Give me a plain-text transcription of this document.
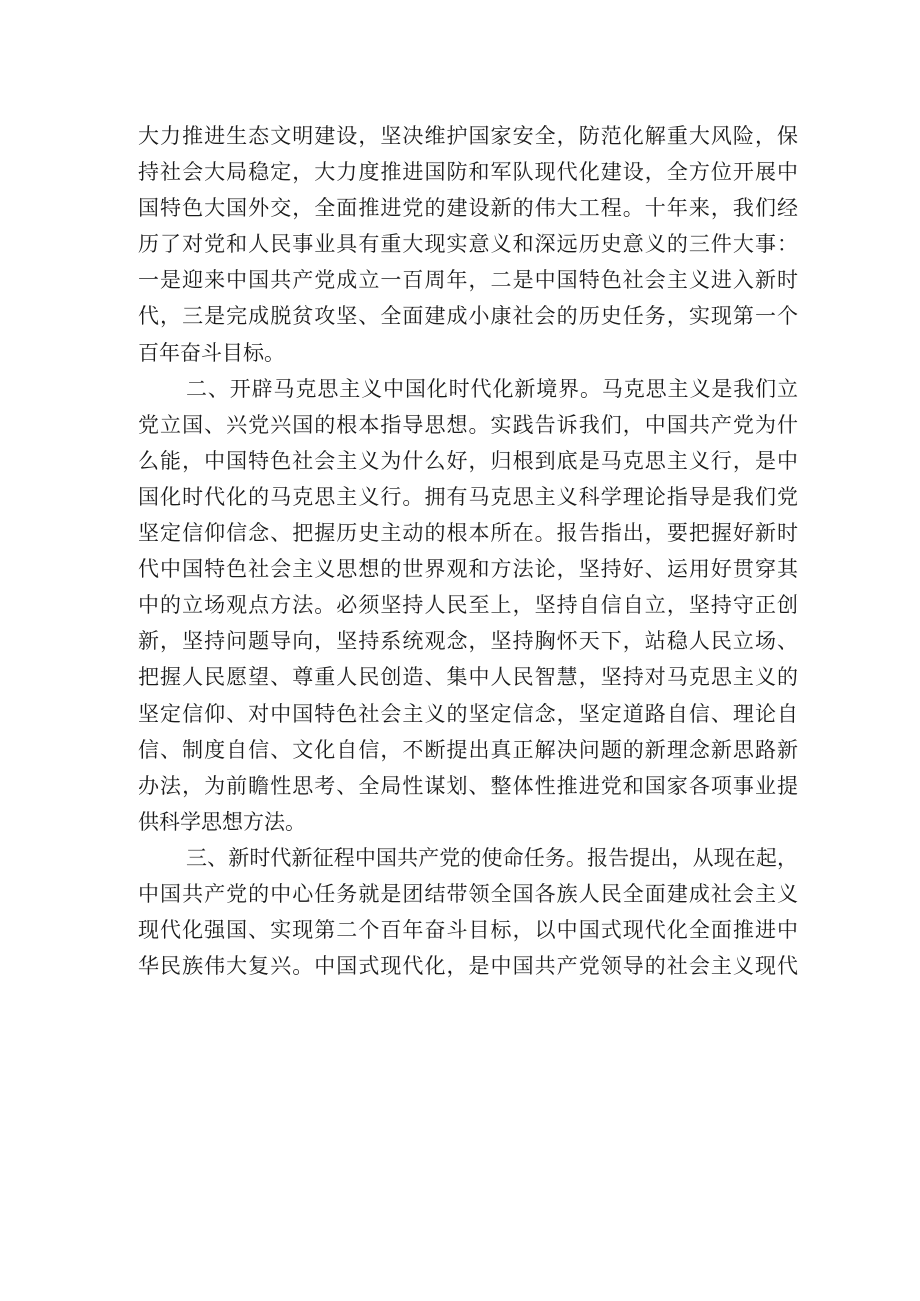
大力推进生态文明建设，坚决维护国家安全，防范化解重大风险，保
持社会大局稳定，大力度推进国防和军队现代化建设，全方位开展中
国特色大国外交，全面推进党的建设新的伟大工程。十年来，我们经
历了对党和人民事业具有重大现实意义和深远历史意义的三件大事：
一是迎来中国共产党成立一百周年，二是中国特色社会主义进入新时
代，三是完成脱贫攻坚、全面建成小康社会的历史任务，实现第一个
百年奋斗目标。
二、开辟马克思主义中国化时代化新境界。马克思主义是我们立
党立国、兴党兴国的根本指导思想。实践告诉我们，中国共产党为什
么能，中国特色社会主义为什么好，归根到底是马克思主义行，是中
国化时代化的马克思主义行。拥有马克思主义科学理论指导是我们党
坚定信仰信念、把握历史主动的根本所在。报告指出，要把握好新时
代中国特色社会主义思想的世界观和方法论，坚持好、运用好贯穿其
中的立场观点方法。必须坚持人民至上，坚持自信自立，坚持守正创
新，坚持问题导向，坚持系统观念，坚持胸怀天下，站稳人民立场、
把握人民愿望、尊重人民创造、集中人民智慧，坚持对马克思主义的
坚定信仰、对中国特色社会主义的坚定信念，坚定道路自信、理论自
信、制度自信、文化自信，不断提出真正解决问题的新理念新思路新
办法，为前瞻性思考、全局性谋划、整体性推进党和国家各项事业提
供科学思想方法。
三、新时代新征程中国共产党的使命任务。报告提出，从现在起，
中国共产党的中心任务就是团结带领全国各族人民全面建成社会主义
现代化强国、实现第二个百年奋斗目标，以中国式现代化全面推进中
华民族伟大复兴。中国式现代化，是中国共产党领导的社会主义现代
